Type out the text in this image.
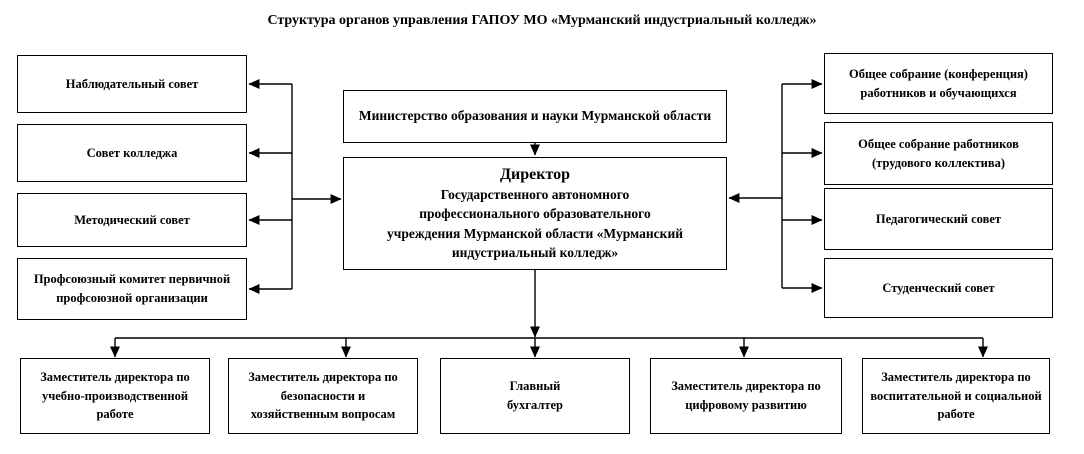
Структура органов управления ГАПОУ МО «Мурманский индустриальный колледж»
Наблюдательный совет
Совет колледжа
Методический совет
Профсоюзный комитет первичной профсоюзной организации
Министерство образования и науки Мурманской области
Директор
Государственного автономного профессионального образовательного учреждения Мурманской области «Мурманский индустриальный колледж»
Общее собрание (конференция) работников и обучающихся
Общее собрание работников (трудового коллектива)
Педагогический совет
Студенческий совет
Заместитель директора по учебно-производственной работе
Заместитель директора по безопасности и хозяйственным вопросам
Главный бухгалтер
Заместитель директора по цифровому развитию
Заместитель директора по воспитательной и социальной работе
